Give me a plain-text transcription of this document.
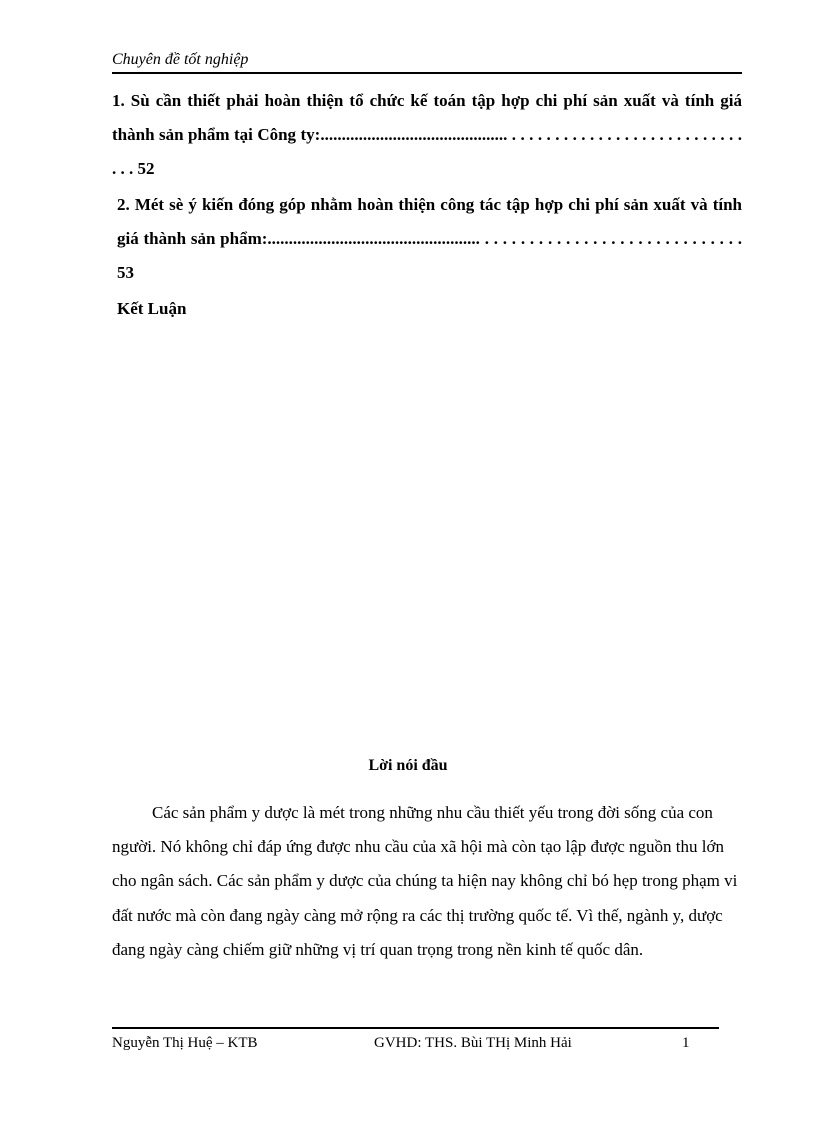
Chuyên đề tốt nghiệp

1. Sù cần thiết phải hoàn thiện tổ chức kế toán tập hợp chi phí sản xuất và tính giá thành sản phẩm tại Công ty:............................................ . . . . . . . . . . . . . . . . . . . . . . . . . . . . . . 52

2. Mét sè ý kiến đóng góp nhằm hoàn thiện công tác tập hợp chi phí sản xuất và tính giá thành sản phẩm:.................................................. . . . . . . . . . . . . . . . . . . . . . . . . . . . . . 53

Kết Luận
Lời nói đầu

Các sản phẩm y dược là mét trong những nhu cầu thiết yếu trong đời sống của con người. Nó không chỉ đáp ứng được nhu cầu của xã hội mà còn tạo lập được nguồn thu lớn cho ngân sách. Các sản phẩm y dược của chúng ta hiện nay không chỉ bó hẹp trong phạm vi đất nước mà còn đang ngày càng mở rộng ra các thị trường quốc tế. Vì thế, ngành y, dược đang ngày càng chiếm giữ những vị trí quan trọng trong nền kinh tế quốc dân.

Nguyễn Thị Huệ – KTB	GVHD: THS. Bùi THị Minh Hải	1
